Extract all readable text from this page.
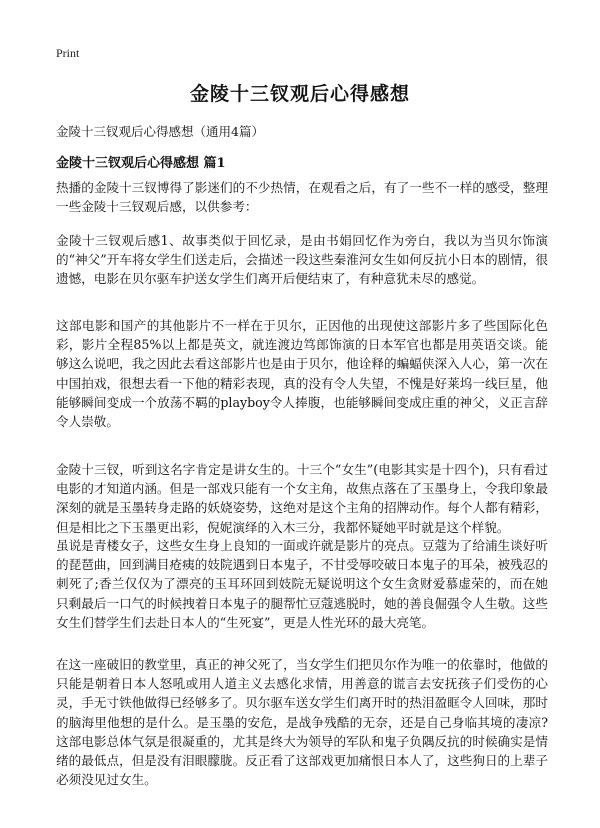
Print
金陵十三钗观后心得感想
金陵十三钗观后心得感想（通用4篇）
金陵十三钗观后心得感想 篇1

热播的金陵十三钗博得了影迷们的不少热情，在观看之后，有了一些不一样的感受，整理一些金陵十三钗观后感，以供参考：

金陵十三钗观后感1、故事类似于回忆录，是由书娟回忆作为旁白，我以为当贝尔饰演的“神父”开车将女学生们送走后，会描述一段这些秦淮河女生如何反抗小日本的剧情，很遗憾，电影在贝尔驱车护送女学生们离开后便结束了，有种意犹未尽的感觉。

这部电影和国产的其他影片不一样在于贝尔，正因他的出现使这部影片多了些国际化色彩，影片全程85%以上都是英文，就连渡边笃郎饰演的日本军官也都是用英语交谈。能够这么说吧，我之因此去看这部影片也是由于贝尔，他诠释的蝙蝠侠深入人心，第一次在中国拍戏，很想去看一下他的精彩表现，真的没有令人失望，不愧是好莱坞一线巨星，他能够瞬间变成一个放荡不羁的playboy令人捧腹，也能够瞬间变成庄重的神父，义正言辞令人崇敬。

金陵十三钗，听到这名字肯定是讲女生的。十三个“女生”(电影其实是十四个)，只有看过电影的才知道内涵。但是一部戏只能有一个女主角，故焦点落在了玉墨身上，令我印象最深刻的就是玉墨转身走路的妖娆姿势，这绝对是这个主角的招牌动作。每个人都有精彩，但是相比之下玉墨更出彩，倪妮演绎的入木三分，我都怀疑她平时就是这个样貌。

虽说是青楼女子，这些女生身上良知的一面或许就是影片的亮点。豆蔻为了给浦生谈好听的琵琶曲，回到满目疮痍的妓院遇到日本鬼子，不甘受辱咬破日本鬼子的耳朵，被残忍的刺死了;香兰仅仅为了漂亮的玉耳环回到妓院无疑说明这个女生贪财爱慕虚荣的，而在她只剩最后一口气的时候拽着日本鬼子的腿帮忙豆蔻逃脱时，她的善良倔强令人生敬。这些女生们替学生们去赴日本人的“生死宴”，更是人性光环的最大亮笔。

在这一座破旧的教堂里，真正的神父死了，当女学生们把贝尔作为唯一的依靠时，他做的只能是朝着日本人怒吼或用人道主义去感化求情，用善意的谎言去安抚孩子们受伤的心灵，手无寸铁他做得已经够多了。贝尔驱车送女学生们离开时的热泪盈眶令人回味，那时的脑海里他想的是什么。是玉墨的安危，是战争残酷的无奈，还是自己身临其境的凄凉?这部电影总体气氛是很凝重的，尤其是终大为领导的军队和鬼子负隅反抗的时候确实是情绪的最低点，但是没有泪眼朦胧。反正看了这部戏更加痛恨日本人了，这些狗日的上辈子必须没见过女生。
